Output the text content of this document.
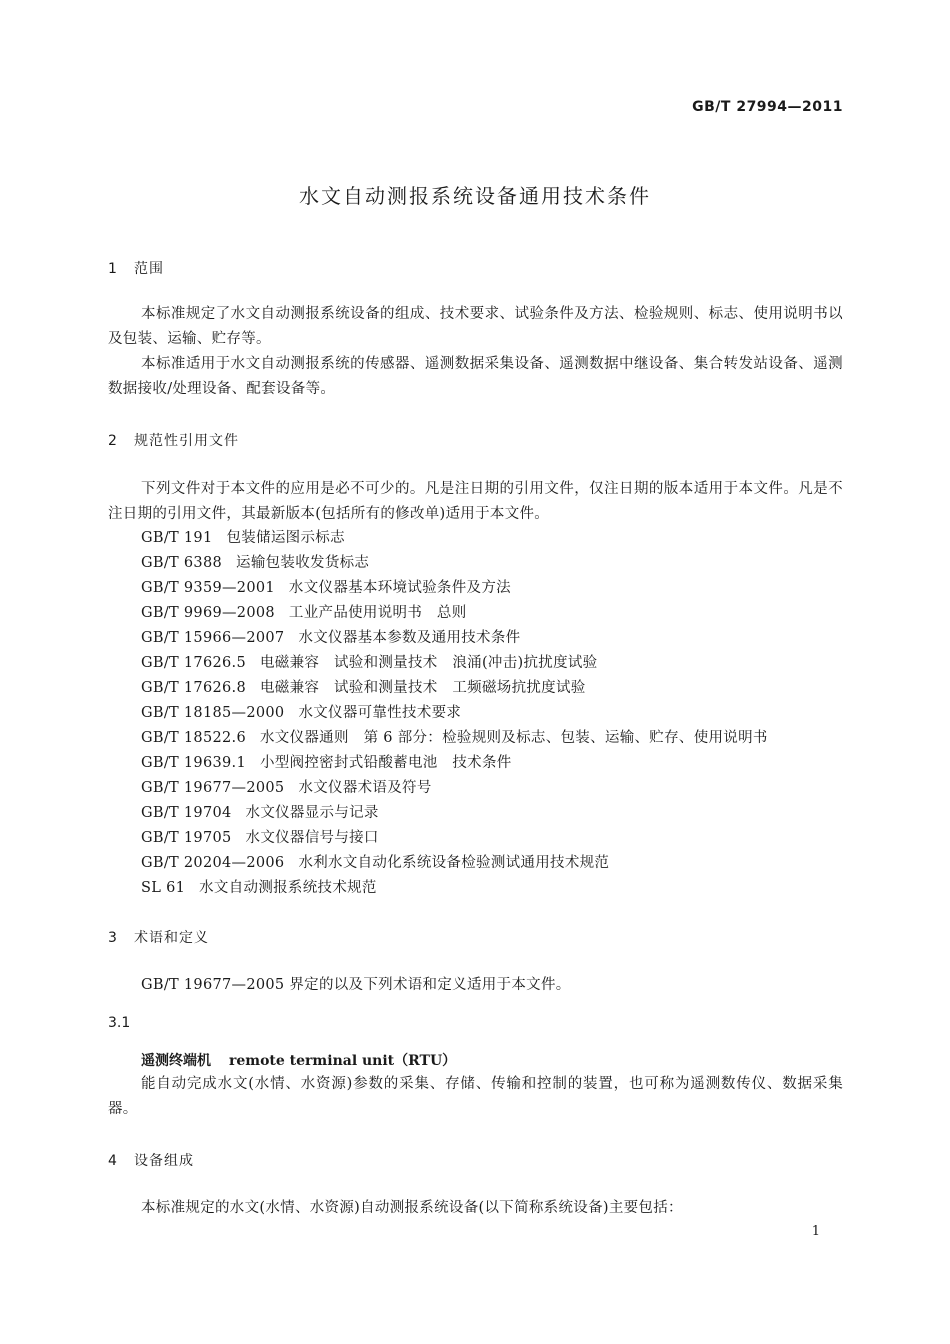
GB/T 27994—2011
水文自动测报系统设备通用技术条件
1 范围
本标准规定了水文自动测报系统设备的组成、技术要求、试验条件及方法、检验规则、标志、使用说明书以及包装、运输、贮存等。
本标准适用于水文自动测报系统的传感器、遥测数据采集设备、遥测数据中继设备、集合转发站设备、遥测数据接收/处理设备、配套设备等。
2 规范性引用文件
下列文件对于本文件的应用是必不可少的。凡是注日期的引用文件，仅注日期的版本适用于本文件。凡是不注日期的引用文件，其最新版本(包括所有的修改单)适用于本文件。
GB/T 191 包装储运图示标志
GB/T 6388 运输包装收发货标志
GB/T 9359—2001 水文仪器基本环境试验条件及方法
GB/T 9969—2008 工业产品使用说明书　总则
GB/T 15966—2007 水文仪器基本参数及通用技术条件
GB/T 17626.5 电磁兼容　试验和测量技术　浪涌(冲击)抗扰度试验
GB/T 17626.8 电磁兼容　试验和测量技术　工频磁场抗扰度试验
GB/T 18185—2000 水文仪器可靠性技术要求
GB/T 18522.6 水文仪器通则　第 6 部分：检验规则及标志、包装、运输、贮存、使用说明书
GB/T 19639.1 小型阀控密封式铅酸蓄电池　技术条件
GB/T 19677—2005 水文仪器术语及符号
GB/T 19704 水文仪器显示与记录
GB/T 19705 水文仪器信号与接口
GB/T 20204—2006 水利水文自动化系统设备检验测试通用技术规范
SL 61 水文自动测报系统技术规范
3 术语和定义
GB/T 19677—2005 界定的以及下列术语和定义适用于本文件。
3.1
遥测终端机 remote terminal unit（RTU）
能自动完成水文(水情、水资源)参数的采集、存储、传输和控制的装置，也可称为遥测数传仪、数据采集器。
4 设备组成
本标准规定的水文(水情、水资源)自动测报系统设备(以下简称系统设备)主要包括：
1
